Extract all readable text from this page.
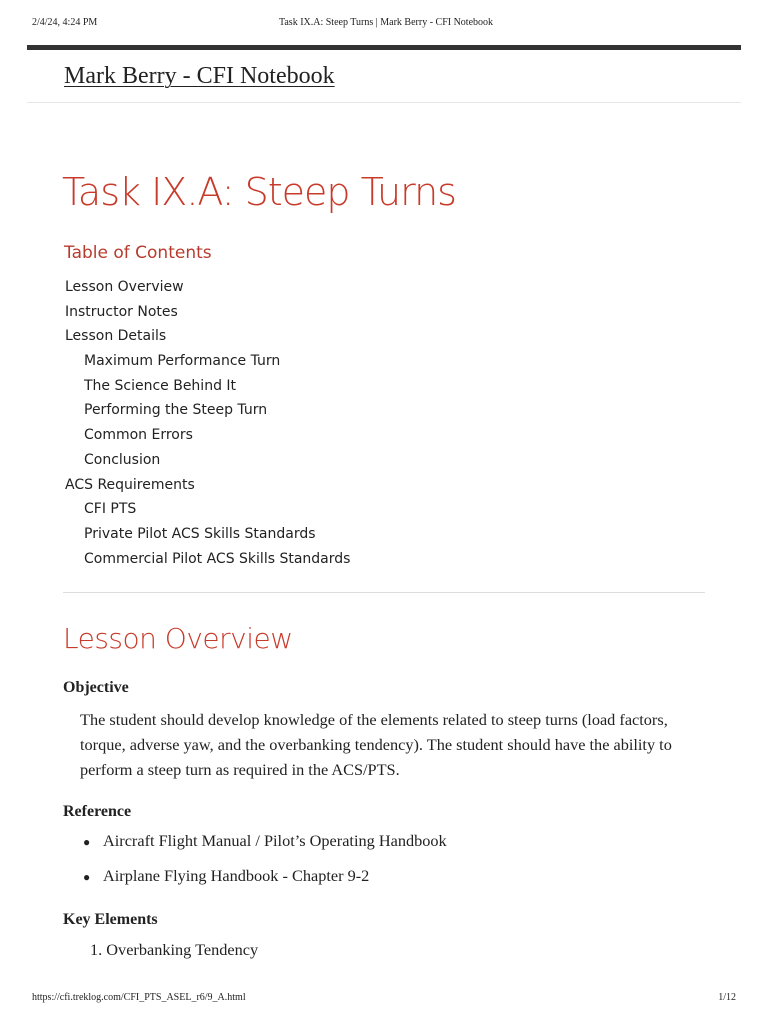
2/4/24, 4:24 PM	Task IX.A: Steep Turns | Mark Berry - CFI Notebook
Mark Berry - CFI Notebook
Task IX.A: Steep Turns
Table of Contents
Lesson Overview
Instructor Notes
Lesson Details
Maximum Performance Turn
The Science Behind It
Performing the Steep Turn
Common Errors
Conclusion
ACS Requirements
CFI PTS
Private Pilot ACS Skills Standards
Commercial Pilot ACS Skills Standards
Lesson Overview
Objective

The student should develop knowledge of the elements related to steep turns (load factors, torque, adverse yaw, and the overbanking tendency). The student should have the ability to perform a steep turn as required in the ACS/PTS.

Reference
● Aircraft Flight Manual / Pilot’s Operating Handbook
● Airplane Flying Handbook - Chapter 9-2
Key Elements
1. Overbanking Tendency
https://cfi.treklog.com/CFI_PTS_ASEL_r6/9_A.html	1/12
